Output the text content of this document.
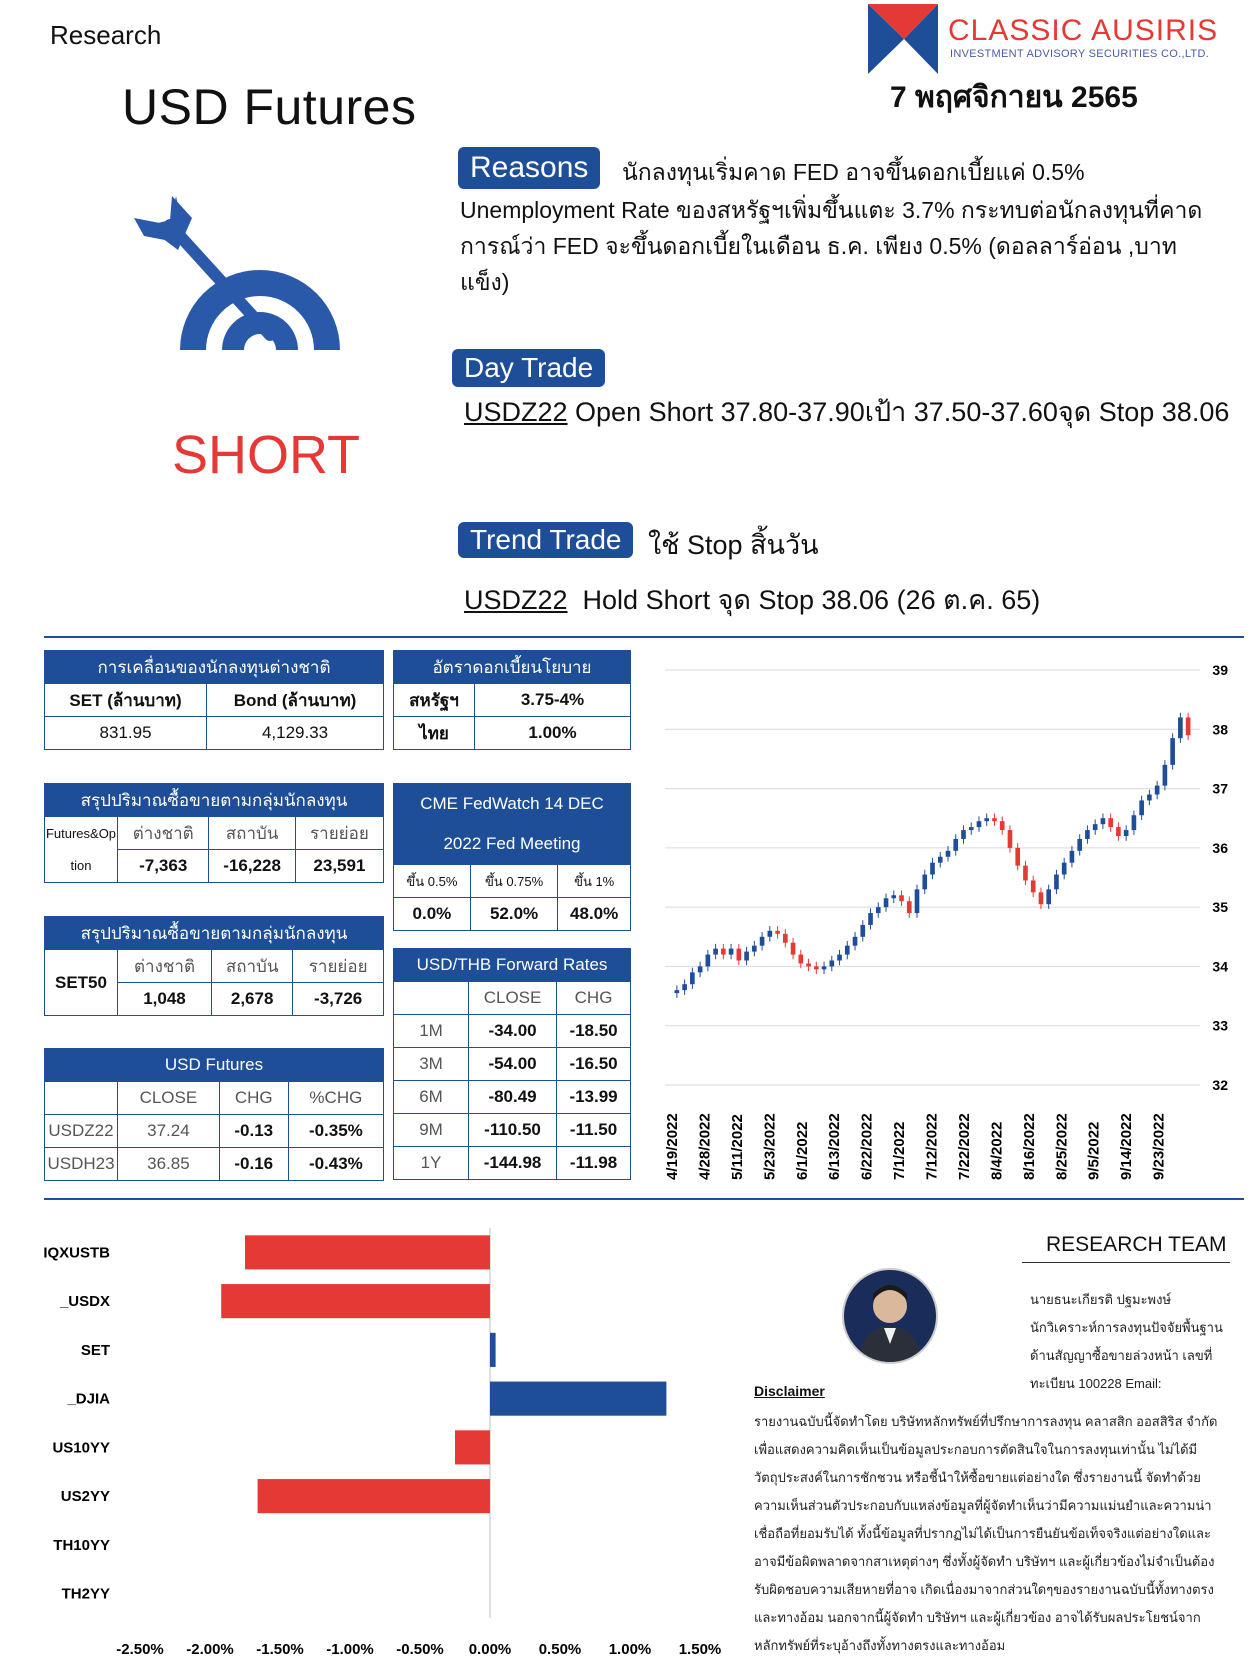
Research
USD Futures
CLASSIC AUSIRIS
INVESTMENT ADVISORY SECURITIES CO.,LTD.
7 พฤศจิกายน 2565
SHORT
Reasons	นักลงทุนเริ่มคาด FED อาจขึ้นดอกเบี้ยแค่ 0.5%
Unemployment Rate ของสหรัฐฯเพิ่มขึ้นแตะ 3.7% กระทบต่อนักลงทุนที่คาดการณ์ว่า FED จะขึ้นดอกเบี้ยในเดือน ธ.ค. เพียง 0.5% (ดอลลาร์อ่อน ,บาทแข็ง)
Day Trade
USDZ22 Open Short 37.80-37.90เป้า 37.50-37.60จุด Stop 38.06
Trend Trade ใช้ Stop สิ้นวัน
USDZ22  Hold Short จุด Stop 38.06 (26 ต.ค. 65)
การเคลื่อนของนักลงทุนต่างชาติ	
SET (ล้านบาท)	Bond (ล้านบาท)
831.95	4,129.33
อัตราดอกเบี้ยนโยบาย	
สหรัฐฯ	3.75-4%
ไทย	1.00%
สรุปปริมาณซื้อขายตามกลุ่มนักลงทุน			
Futures&Option	ต่างชาติ	สถาบัน	รายย่อย
	-7,363	-16,228	23,591
CME FedWatch 14 DEC
2022 Fed Meeting		
ขึ้น 0.5%	ขึ้น 0.75%	ขึ้น 1%
0.0%	52.0%	48.0%
สรุปปริมาณซื้อขายตามกลุ่มนักลงทุน			
SET50	ต่างชาติ	สถาบัน	รายย่อย
	1,048	2,678	-3,726
USD/THB Forward Rates		
	CLOSE	CHG
1M	-34.00	-18.50
3M	-54.00	-16.50
6M	-80.49	-13.99
9M	-110.50	-11.50
1Y	-144.98	-11.98
USD Futures			
	CLOSE	CHG	%CHG
USDZ22	37.24	-0.13	-0.35%
USDH23	36.85	-0.16	-0.43%
32
33
34
35
36
37
38
39
4/19/2022 4/28/2022 5/11/2022 5/23/2022 6/1/2022 6/13/2022 6/22/2022 7/1/2022 7/12/2022 7/22/2022 8/4/2022 8/16/2022 8/25/2022 9/5/2022 9/14/2022 9/23/2022
IQXUSTB
_USDX
SET
_DJIA
US10YY
US2YY
TH10YY
TH2YY
-2.50% -2.00% -1.50% -1.00% -0.50% 0.00% 0.50% 1.00% 1.50%
RESEARCH TEAM
นายธนะเกียรติ ปฐมะพงษ์
นักวิเคราะห์การลงทุนปัจจัยพื้นฐาน
ด้านสัญญาซื้อขายล่วงหน้า เลขที่
ทะเบียน 100228 Email:
Disclaimer
รายงานฉบับนี้จัดทำโดย บริษัทหลักทรัพย์ที่ปรึกษาการลงทุน คลาสสิก ออสสิริส จำกัด เพื่อแสดงความคิดเห็นเป็นข้อมูลประกอบการตัดสินใจในการลงทุนเท่านั้น ไม่ได้มีวัตถุประสงค์ในการชักชวน หรือชี้นำให้ซื้อขายแต่อย่างใด ซึ่งรายงานนี้ จัดทำด้วยความเห็นส่วนตัวประกอบกับแหล่งข้อมูลที่ผู้จัดทำเห็นว่ามีความแม่นยำและความน่าเชื่อถือที่ยอมรับได้ ทั้งนี้ข้อมูลที่ปรากฏไม่ได้เป็นการยืนยันข้อเท็จจริงแต่อย่างใดและอาจมีข้อผิดพลาดจากสาเหตุต่างๆ ซึ่งทั้งผู้จัดทำ บริษัทฯ และผู้เกี่ยวข้องไม่จำเป็นต้องรับผิดชอบความเสียหายที่อาจ เกิดเนื่องมาจากส่วนใดๆของรายงานฉบับนี้ทั้งทางตรงและทางอ้อม นอกจากนี้ผู้จัดทำ บริษัทฯ และผู้เกี่ยวข้อง อาจได้รับผลประโยชน์จากหลักทรัพย์ที่ระบุอ้างถึงทั้งทางตรงและทางอ้อม
